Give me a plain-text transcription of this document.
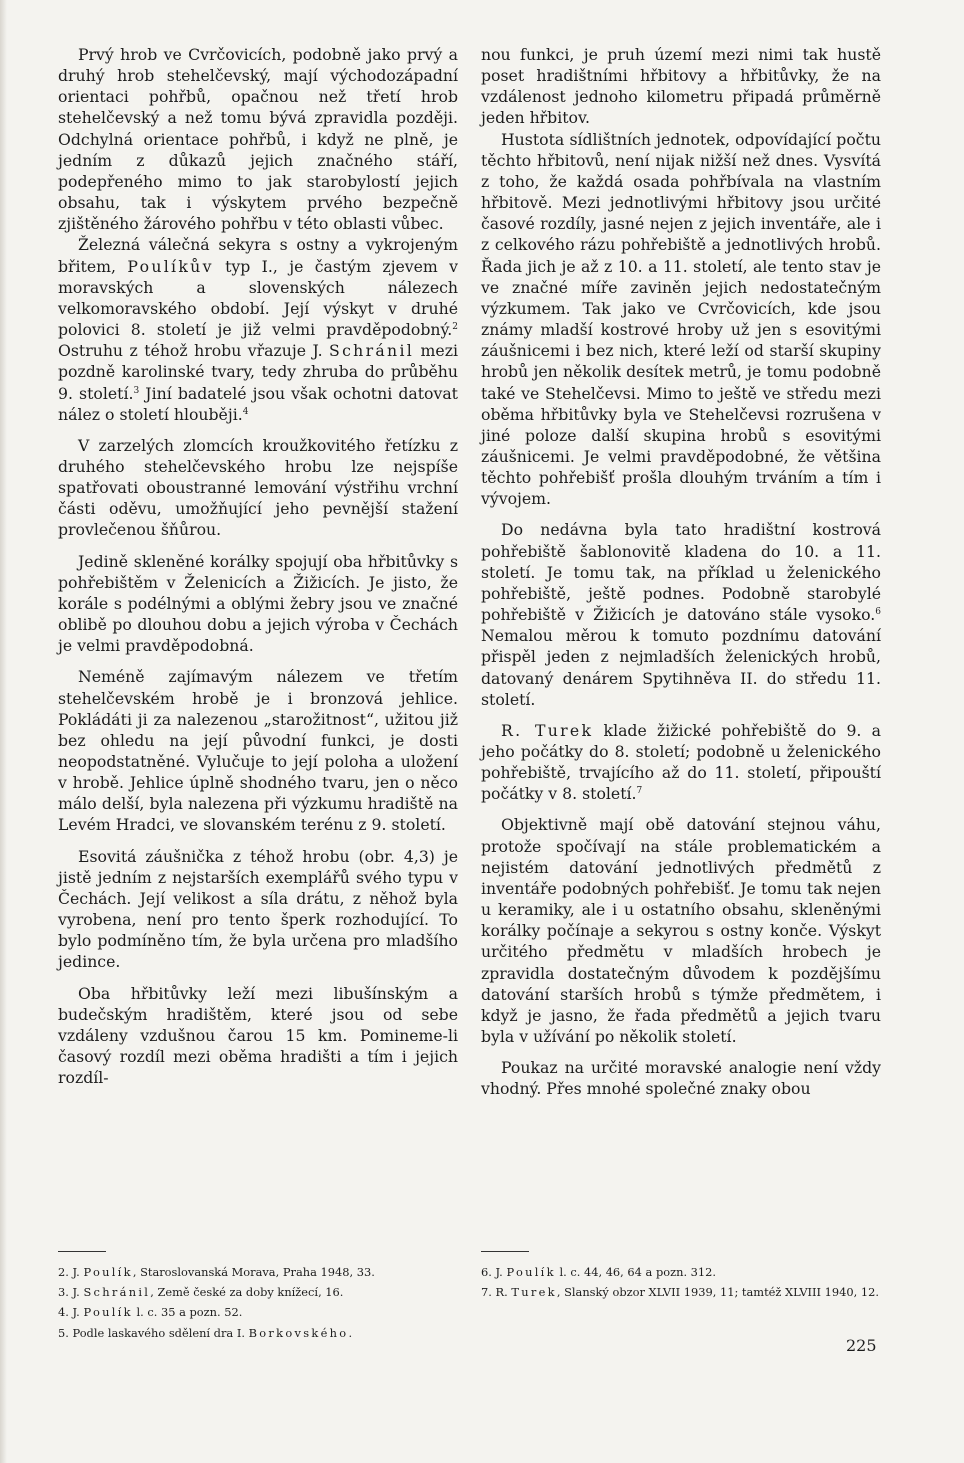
Prvý hrob ve Cvrčovicích, podobně jako prvý a druhý hrob stehelčevský, mají východozápadní orientaci pohřbů, opačnou než třetí hrob stehelčevský a než tomu bývá zpravidla později. Odchylná orientace pohřbů, i když ne plně, je jedním z důkazů jejich značného stáří, podepřeného mimo to jak starobylostí jejich obsahu, tak i výskytem prvého bezpečně zjištěného žárového pohřbu v této oblasti vůbec.

Železná válečná sekyra s ostny a vykrojeným břitem, Poulíkův typ I., je častým zjevem v moravských a slovenských nálezech velkomoravského období. Její výskyt v druhé polovici 8. století je již velmi pravděpodobný.$^2$ Ostruhu z téhož hrobu vřazuje J. Schránil mezi pozdně karolinské tvary, tedy zhruba do průběhu 9. století.$^3$ Jiní badatelé jsou však ochotni datovat nález o století hlouběji.$^4$

V zarzelých zlomcích kroužkovitého řetízku z druhého stehelčevského hrobu lze nejspíše spatřovati oboustranné lemování výstřihu vrchní části oděvu, umožňující jeho pevnější stažení provlečenou šňůrou.

Jedině skleněné korálky spojují oba hřbitůvky s pohřebištěm v Želenicích a Žižicích. Je jisto, že korále s podélnými a oblými žebry jsou ve značné oblibě po dlouhou dobu a jejich výroba v Čechách je velmi pravděpodobná.

Neméně zajímavým nálezem ve třetím stehelčevském hrobě je i bronzová jehlice. Pokládáti ji za nalezenou „starožitnost“, užitou již bez ohledu na její původní funkci, je dosti neopodstatněné. Vylučuje to její poloha a uložení v hrobě. Jehlice úplně shodného tvaru, jen o něco málo delší, byla nalezena při výzkumu hradiště na Levém Hradci, ve slovanském terénu z 9. století.

Esovitá záušnička z téhož hrobu (obr. 4,3) je jistě jedním z nejstarších exemplářů svého typu v Čechách. Její velikost a síla drátu, z něhož byla vyrobena, není pro tento šperk rozhodující. To bylo podmíněno tím, že byla určena pro mladšího jedince.

Oba hřbitůvky leží mezi libušínským a budečským hradištěm, které jsou od sebe vzdáleny vzdušnou čarou 15 km. Pomineme-li časový rozdíl mezi oběma hradišti a tím i jejich rozdíl-

nou funkci, je pruh území mezi nimi tak hustě poset hradištními hřbitovy a hřbitůvky, že na vzdálenost jednoho kilometru připadá průměrně jeden hřbitov.

Hustota sídlištních jednotek, odpovídající počtu těchto hřbitovů, není nijak nižší než dnes. Vysvítá z toho, že každá osada pohřbívala na vlastním hřbitově. Mezi jednotlivými hřbitovy jsou určité časové rozdíly, jasné nejen z jejich inventáře, ale i z celkového rázu pohřebiště a jednotlivých hrobů. Řada jich je až z 10. a 11. století, ale tento stav je ve značné míře zaviněn jejich nedostatečným výzkumem. Tak jako ve Cvrčovicích, kde jsou známy mladší kostrové hroby už jen s esovitými záušnicemi i bez nich, které leží od starší skupiny hrobů jen několik desítek metrů, je tomu podobně také ve Stehelčevsi. Mimo to ještě ve středu mezi oběma hřbitůvky byla ve Stehelčevsi rozrušena v jiné poloze další skupina hrobů s esovitými záušnicemi. Je velmi pravděpodobné, že většina těchto pohřebišť prošla dlouhým trváním a tím i vývojem.

Do nedávna byla tato hradištní kostrová pohřebiště šablonovitě kladena do 10. a 11. století. Je tomu tak, na příklad u želenického pohřebiště, ještě podnes. Podobně starobylé pohřebiště v Žižicích je datováno stále vysoko.$^6$ Nemalou měrou k tomuto pozdnímu datování přispěl jeden z nejmladších želenických hrobů, datovaný denárem Spytihněva II. do středu 11. století.

R. Turek klade žižické pohřebiště do 9. a jeho počátky do 8. století; podobně u želenického pohřebiště, trvajícího až do 11. století, připouští počátky v 8. století.$^7$

Objektivně mají obě datování stejnou váhu, protože spočívají na stále problematickém a nejistém datování jednotlivých předmětů z inventáře podobných pohřebišť. Je tomu tak nejen u keramiky, ale i u ostatního obsahu, skleněnými korálky počínaje a sekyrou s ostny konče. Výskyt určitého předmětu v mladších hrobech je zpravidla dostatečným důvodem k pozdějšímu datování starších hrobů s týmže předmětem, i když je jasno, že řada předmětů a jejich tvaru byla v užívání po několik století.

Poukaz na určité moravské analogie není vždy vhodný. Přes mnohé společné znaky obou

2. J. Poulík, Staroslovanská Morava, Praha 1948, 33.

3. J. Schránil, Země české za doby knížecí, 16.

4. J. Poulík l. c. 35 a pozn. 52.

5. Podle laskavého sdělení dra I. Borkovského.

6. J. Poulík l. c. 44, 46, 64 a pozn. 312.

7. R. Turek, Slanský obzor XLVII 1939, 11; tamtéž XLVIII 1940, 12.

225
